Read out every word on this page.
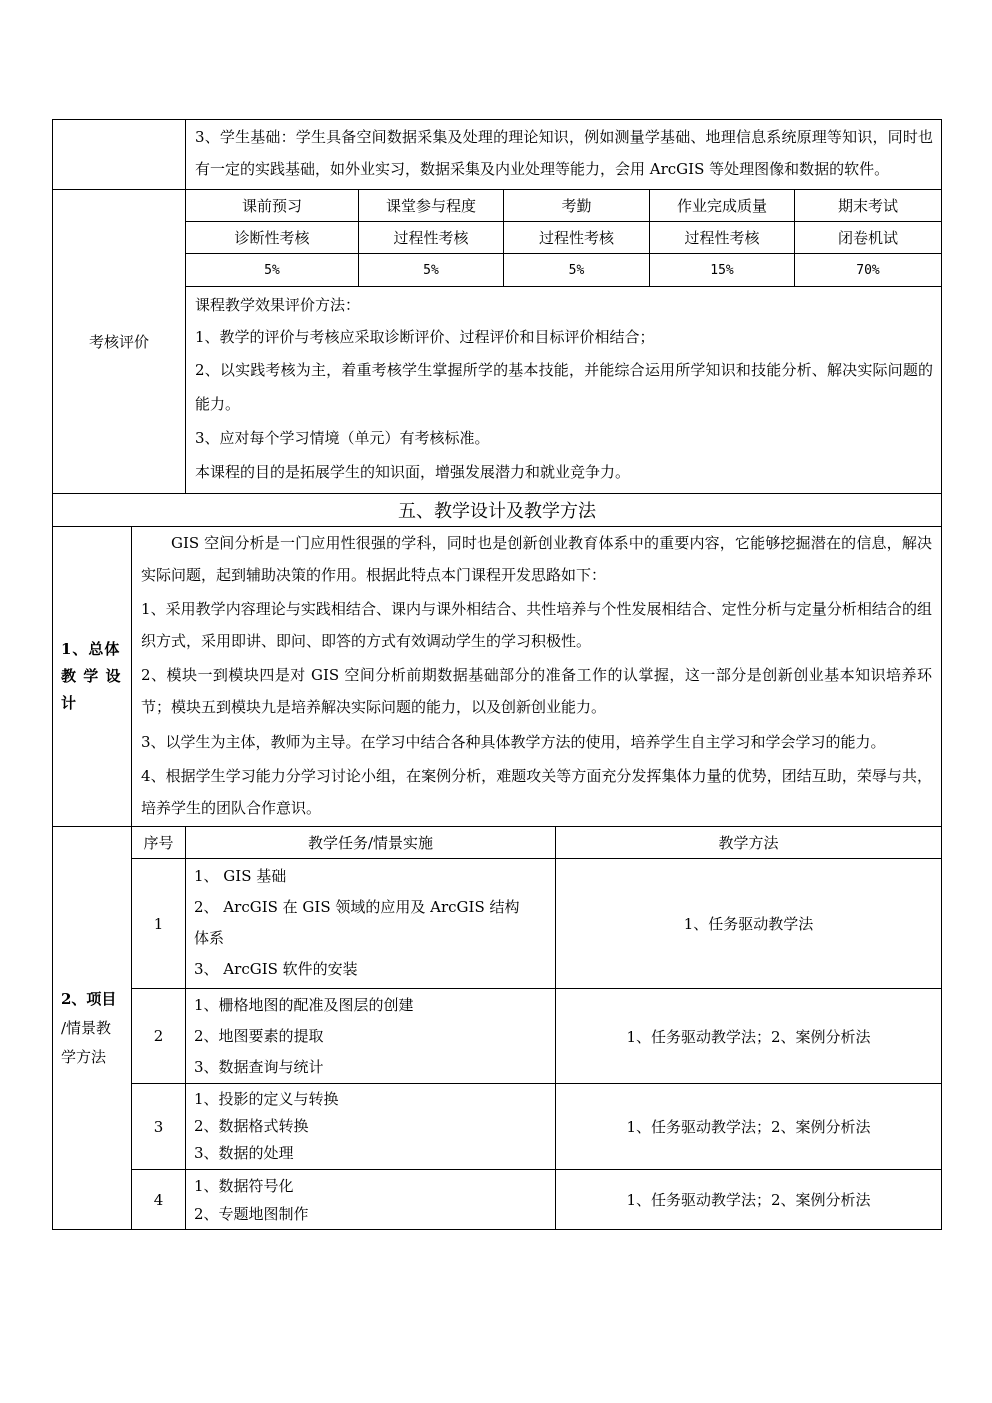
	3、学生基础：学生具备空间数据采集及处理的理论知识，例如测量学基础、地理信息系统原理等知识，同时也有一定的实践基础，如外业实习，数据采集及内业处理等能力，会用 ArcGIS 等处理图像和数据的软件。				

考核评价	课前预习	课堂参与程度	考勤	作业完成质量	期末考试
	诊断性考核	过程性考核	过程性考核	过程性考核	闭卷机试
	5%	5%	5%	15%	70%

	课程教学效果评价方法：
1、教学的评价与考核应采取诊断评价、过程评价和目标评价相结合；
2、以实践考核为主，着重考核学生掌握所学的基本技能，并能综合运用所学知识和技能分析、解决实际问题的能力。
3、应对每个学习情境（单元）有考核标准。
本课程的目的是拓展学生的知识面，增强发展潜力和就业竞争力。				
五、教学设计及教学方法

1、总体
教 学 设
计

GIS 空间分析是一门应用性很强的学科，同时也是创新创业教育体系中的重要内容，它能够挖掘潜在的信息，解决实际问题，起到辅助决策的作用。根据此特点本门课程开发思路如下：
1、采用教学内容理论与实践相结合、课内与课外相结合、共性培养与个性发展相结合、定性分析与定量分析相结合的组织方式，采用即讲、即问、即答的方式有效调动学生的学习积极性。
2、模块一到模块四是对 GIS 空间分析前期数据基础部分的准备工作的认掌握，这一部分是创新创业基本知识培养环节；模块五到模块九是培养解决实际问题的能力，以及创新创业能力。
3、以学生为主体，教师为主导。在学习中结合各种具体教学方法的使用，培养学生自主学习和学会学习的能力。
4、根据学生学习能力分学习讨论小组，在案例分析，难题攻关等方面充分发挥集体力量的优势，团结互助，荣辱与共，培养学生的团队合作意识。
2、项目
/情景教
学方法	序号	教学任务/情景实施	教学方法
	1	1、 GIS 基础
2、 ArcGIS 在 GIS 领域的应用及 ArcGIS 结构
体系
3、 ArcGIS 软件的安装	1、任务驱动教学法
	2	1、栅格地图的配准及图层的创建
2、地图要素的提取
3、数据查询与统计	1、任务驱动教学法；2、案例分析法
	3	1、投影的定义与转换
2、数据格式转换
3、数据的处理	1、任务驱动教学法；2、案例分析法
	4	1、数据符号化
2、专题地图制作	1、任务驱动教学法；2、案例分析法
